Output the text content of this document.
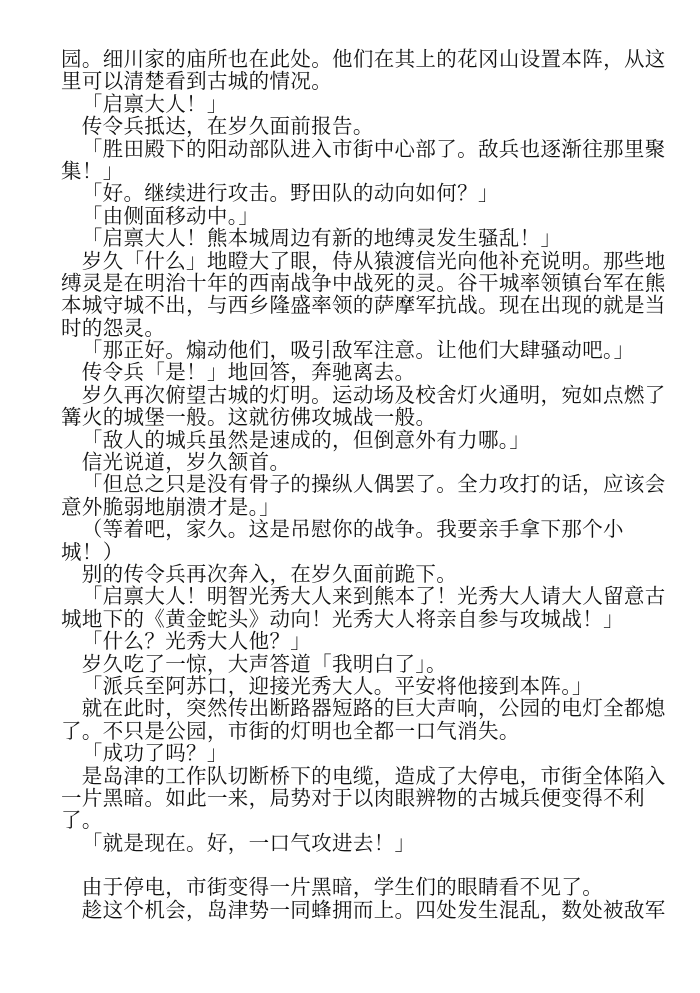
园。细川家的庙所也在此处。他们在其上的花冈山设置本阵，从这
里可以清楚看到古城的情况。
「启禀大人！」
传令兵抵达，在岁久面前报告。
「胜田殿下的阳动部队进入市街中心部了。敌兵也逐渐往那里聚
集！」
「好。继续进行攻击。野田队的动向如何？」
「由侧面移动中。」
「启禀大人！熊本城周边有新的地缚灵发生骚乱！」
岁久「什么」地瞪大了眼，侍从猿渡信光向他补充说明。那些地
缚灵是在明治十年的西南战争中战死的灵。谷干城率领镇台军在熊
本城守城不出，与西乡隆盛率领的萨摩军抗战。现在出现的就是当
时的怨灵。
「那正好。煽动他们，吸引敌军注意。让他们大肆骚动吧。」
传令兵「是！」地回答，奔驰离去。
岁久再次俯望古城的灯明。运动场及校舍灯火通明，宛如点燃了
篝火的城堡一般。这就彷佛攻城战一般。
「敌人的城兵虽然是速成的，但倒意外有力哪。」
信光说道，岁久颔首。
「但总之只是没有骨子的操纵人偶罢了。全力攻打的话，应该会
意外脆弱地崩溃才是。」
（等着吧，家久。这是吊慰你的战争。我要亲手拿下那个小
城！）
别的传令兵再次奔入，在岁久面前跪下。
「启禀大人！明智光秀大人来到熊本了！光秀大人请大人留意古
城地下的《黄金蛇头》动向！光秀大人将亲自参与攻城战！」
「什么？光秀大人他？」
岁久吃了一惊，大声答道「我明白了」。
「派兵至阿苏口，迎接光秀大人。平安将他接到本阵。」
就在此时，突然传出断路器短路的巨大声响，公园的电灯全都熄
了。不只是公园，市街的灯明也全都一口气消失。
「成功了吗？」
是岛津的工作队切断桥下的电缆，造成了大停电，市街全体陷入
一片黑暗。如此一来，局势对于以肉眼辨物的古城兵便变得不利
了。
「就是现在。好，一口气攻进去！」
由于停电，市街变得一片黑暗，学生们的眼睛看不见了。
趁这个机会，岛津势一同蜂拥而上。四处发生混乱，数处被敌军
